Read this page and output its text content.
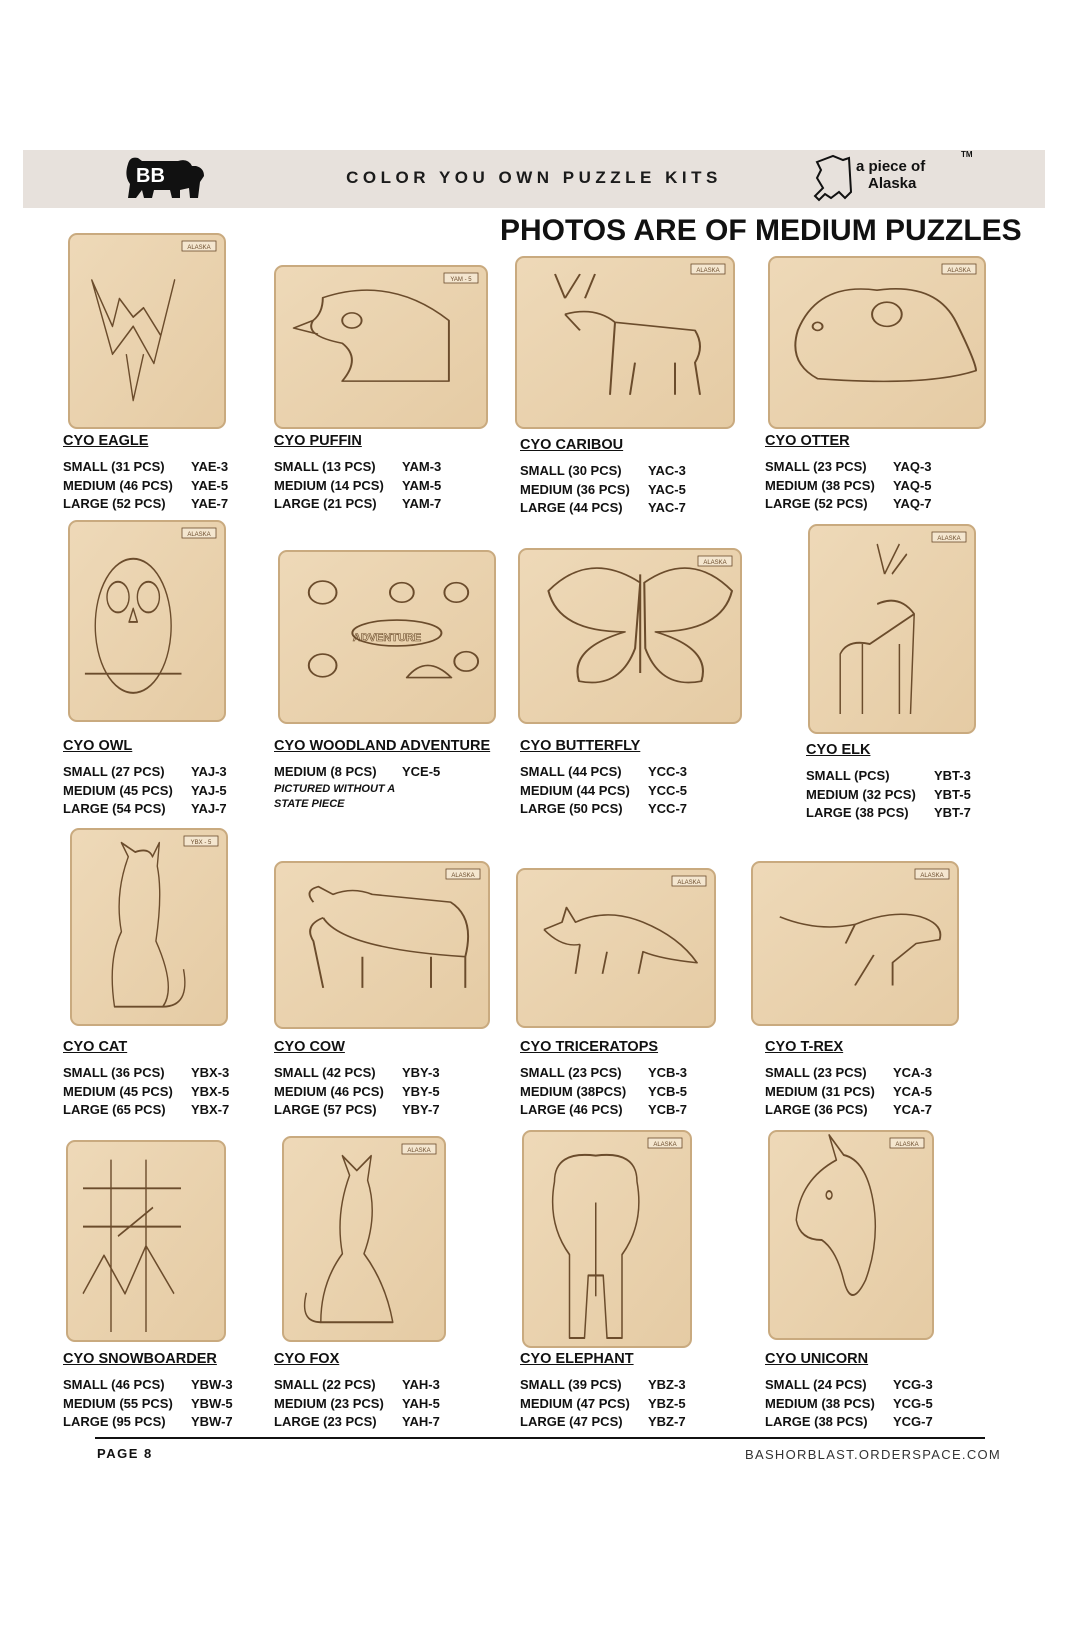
BB	COLOR YOU OWN PUZZLE KITS
a piece of
Alaska
TM
PHOTOS ARE OF MEDIUM PUZZLES
ALASKA
CYO EAGLE
SMALL (31 PCS)	YAE-3
MEDIUM (46 PCS)	YAE-5
LARGE (52 PCS)	YAE-7
YAM - 5
CYO PUFFIN
SMALL (13 PCS)	YAM-3
MEDIUM (14 PCS)	YAM-5
LARGE (21 PCS)	YAM-7
ALASKA
CYO CARIBOU
SMALL (30 PCS)	YAC-3
MEDIUM (36 PCS)	YAC-5
LARGE (44 PCS)	YAC-7
ALASKA
CYO OTTER
SMALL (23 PCS)	YAQ-3
MEDIUM (38 PCS)	YAQ-5
LARGE (52 PCS)	YAQ-7
ALASKA
CYO OWL
SMALL (27 PCS)	YAJ-3
MEDIUM (45 PCS)	YAJ-5
LARGE (54 PCS)	YAJ-7
ADVENTURE
CYO WOODLAND ADVENTURE
MEDIUM (8 PCS)	YCE-5
PICTURED WITHOUT A
STATE PIECE
ALASKA
CYO BUTTERFLY
SMALL (44 PCS)	YCC-3
MEDIUM (44 PCS)	YCC-5
LARGE (50 PCS)	YCC-7
ALASKA
CYO ELK
SMALL (PCS)	YBT-3
MEDIUM (32 PCS)	YBT-5
LARGE (38 PCS)	YBT-7
YBX - 5
CYO CAT
SMALL (36 PCS)	YBX-3
MEDIUM (45 PCS)	YBX-5
LARGE (65 PCS)	YBX-7
ALASKA
CYO COW
SMALL (42 PCS)	YBY-3
MEDIUM (46 PCS)	YBY-5
LARGE (57 PCS)	YBY-7
ALASKA
CYO TRICERATOPS
SMALL (23 PCS)	YCB-3
MEDIUM (38PCS)	YCB-5
LARGE (46 PCS)	YCB-7
ALASKA
CYO T-REX
SMALL (23 PCS)	YCA-3
MEDIUM (31 PCS)	YCA-5
LARGE (36 PCS)	YCA-7
CYO SNOWBOARDER
SMALL (46 PCS)	YBW-3
MEDIUM (55 PCS)	YBW-5
LARGE (95 PCS)	YBW-7
ALASKA
CYO FOX
SMALL (22 PCS)	YAH-3
MEDIUM (23 PCS)	YAH-5
LARGE (23 PCS)	YAH-7
ALASKA
CYO ELEPHANT
SMALL (39 PCS)	YBZ-3
MEDIUM (47 PCS)	YBZ-5
LARGE (47 PCS)	YBZ-7
ALASKA
CYO UNICORN
SMALL (24 PCS)	YCG-3
MEDIUM (38 PCS)	YCG-5
LARGE (38 PCS)	YCG-7
PAGE 8	BASHORBLAST.ORDERSPACE.COM
